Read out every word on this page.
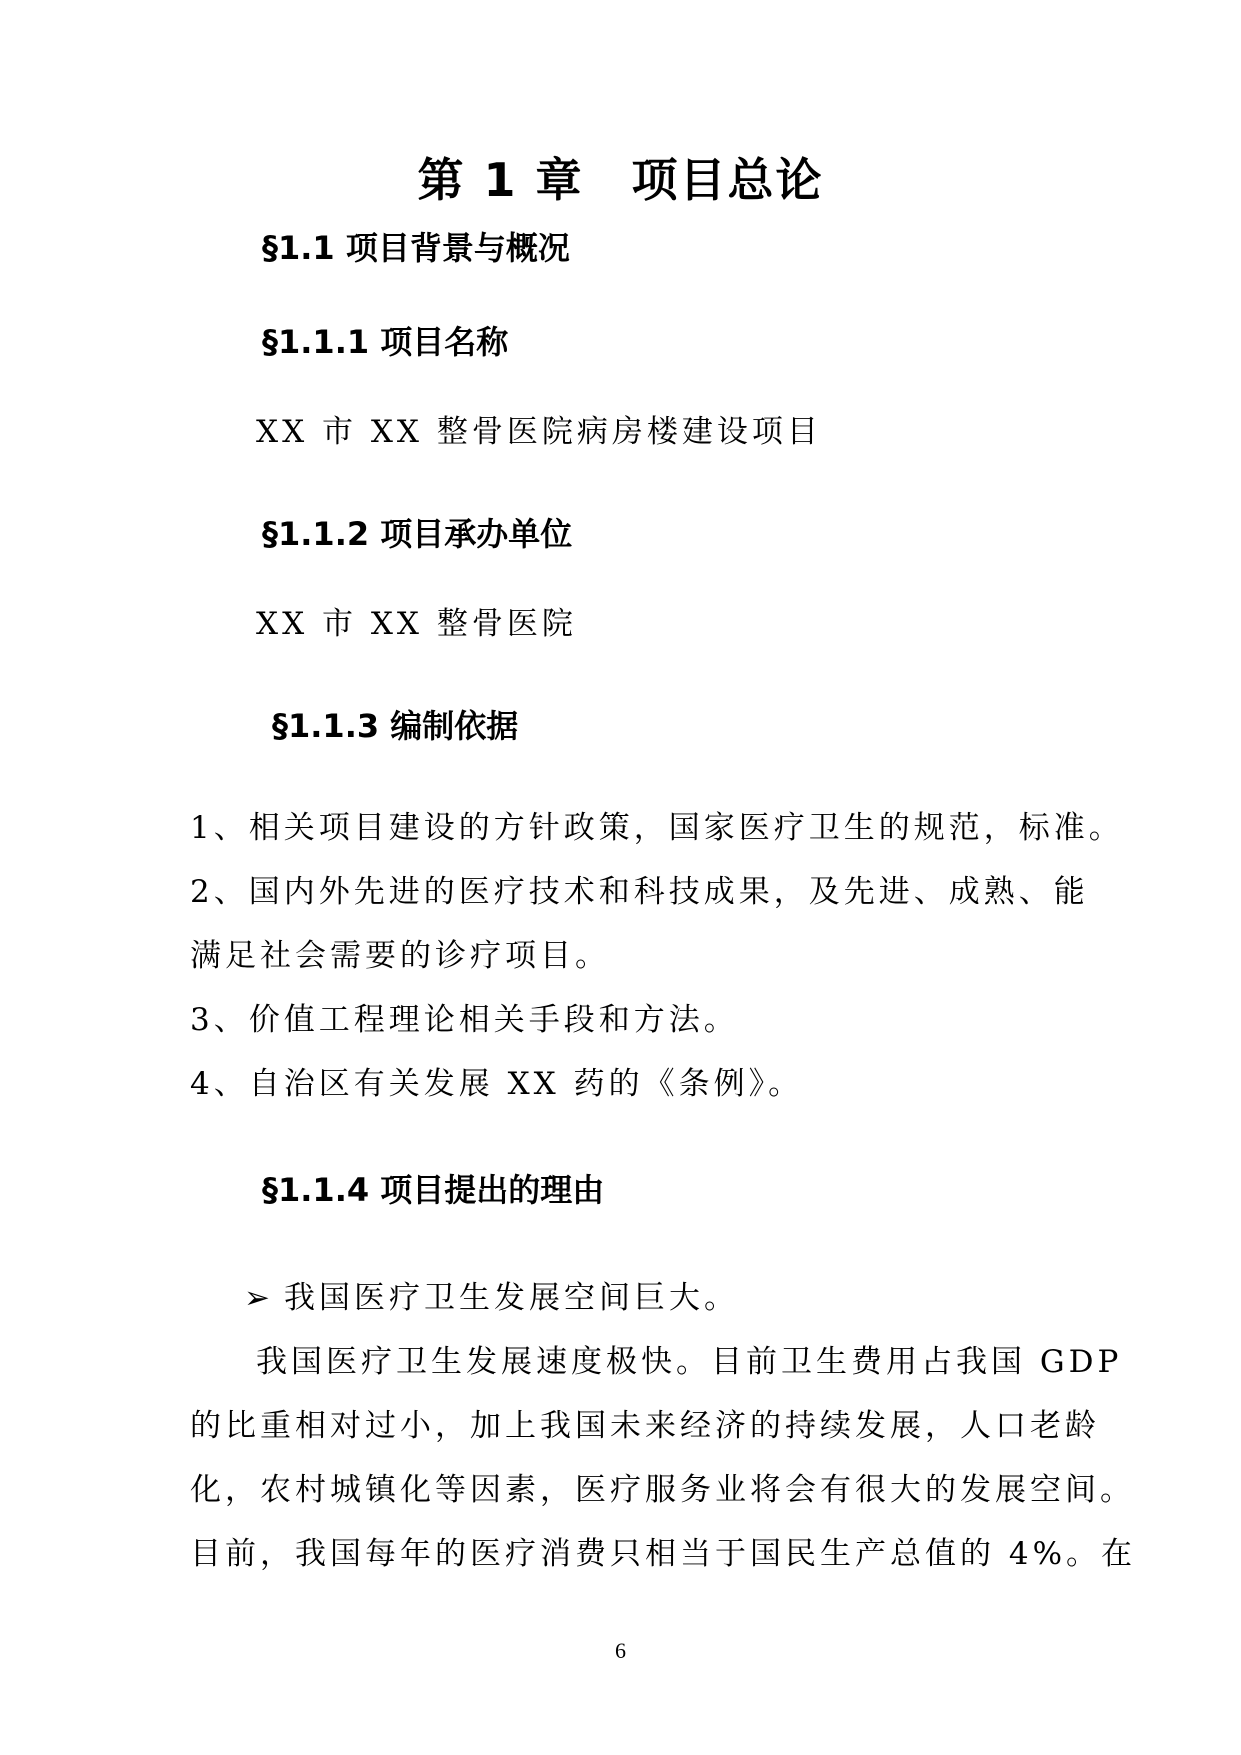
第 1 章　项目总论
§1.1 项目背景与概况
§1.1.1 项目名称
XX 市 XX 整骨医院病房楼建设项目
§1.1.2 项目承办单位
XX 市 XX 整骨医院
§1.1.3 编制依据
1、相关项目建设的方针政策，国家医疗卫生的规范，标准。
2、国内外先进的医疗技术和科技成果，及先进、成熟、能
满足社会需要的诊疗项目。
3、价值工程理论相关手段和方法。
4、自治区有关发展 XX 药的《条例》。
§1.1.4 项目提出的理由
➢ 我国医疗卫生发展空间巨大。
我国医疗卫生发展速度极快。目前卫生费用占我国 GDP
的比重相对过小，加上我国未来经济的持续发展，人口老龄
化，农村城镇化等因素，医疗服务业将会有很大的发展空间。
目前，我国每年的医疗消费只相当于国民生产总值的 4%。在
6
